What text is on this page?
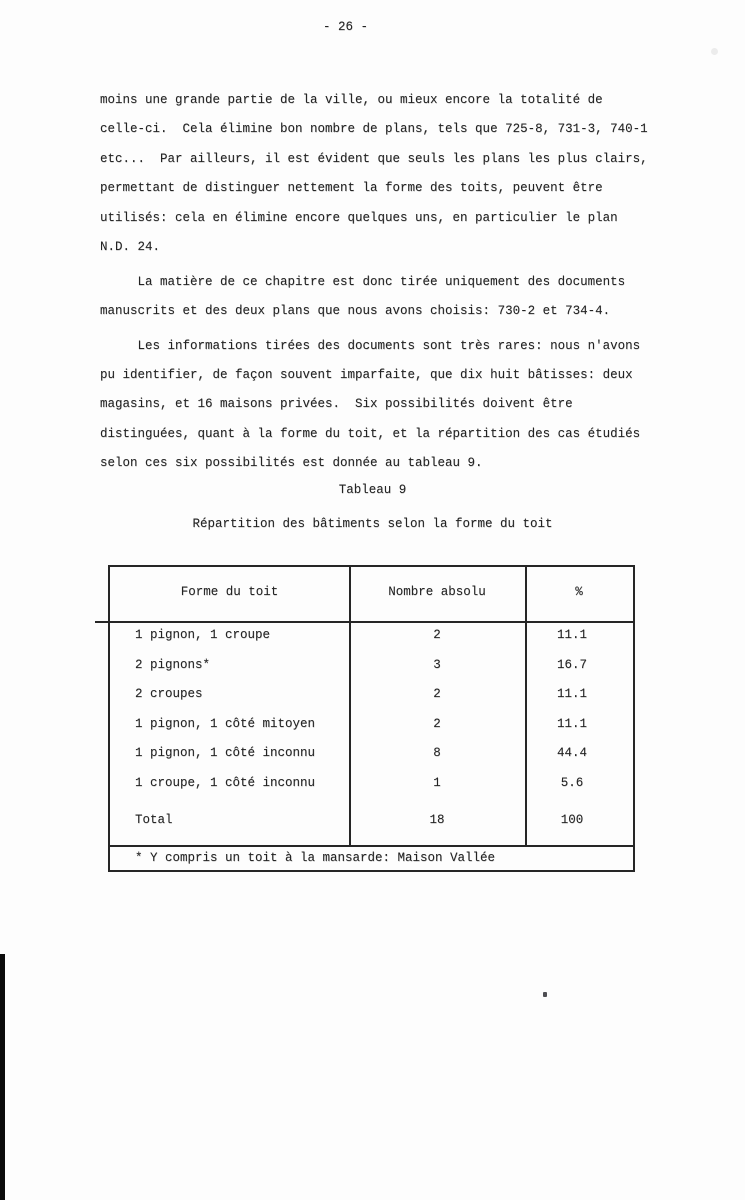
- 26 -
moins une grande partie de la ville, ou mieux encore la totalité de
celle-ci.  Cela élimine bon nombre de plans, tels que 725-8, 731-3, 740-1
etc...  Par ailleurs, il est évident que seuls les plans les plus clairs,
permettant de distinguer nettement la forme des toits, peuvent être
utilisés: cela en élimine encore quelques uns, en particulier le plan
N.D. 24.
La matière de ce chapitre est donc tirée uniquement des documents
manuscrits et des deux plans que nous avons choisis: 730-2 et 734-4.
Les informations tirées des documents sont très rares: nous n'avons
pu identifier, de façon souvent imparfaite, que dix huit bâtisses: deux
magasins, et 16 maisons privées.  Six possibilités doivent être
distinguées, quant à la forme du toit, et la répartition des cas étudiés
selon ces six possibilités est donnée au tableau 9.
Tableau 9
Répartition des bâtiments selon la forme du toit
Forme du toit	Nombre absolu	%
1 pignon, 1 croupe	2	11.1
2 pignons*	3	16.7
2 croupes	2	11.1
1 pignon, 1 côté mitoyen	2	11.1
1 pignon, 1 côté inconnu	8	44.4
1 croupe, 1 côté inconnu	1	5.6
Total	18	100
* Y compris un toit à la mansarde: Maison Vallée
